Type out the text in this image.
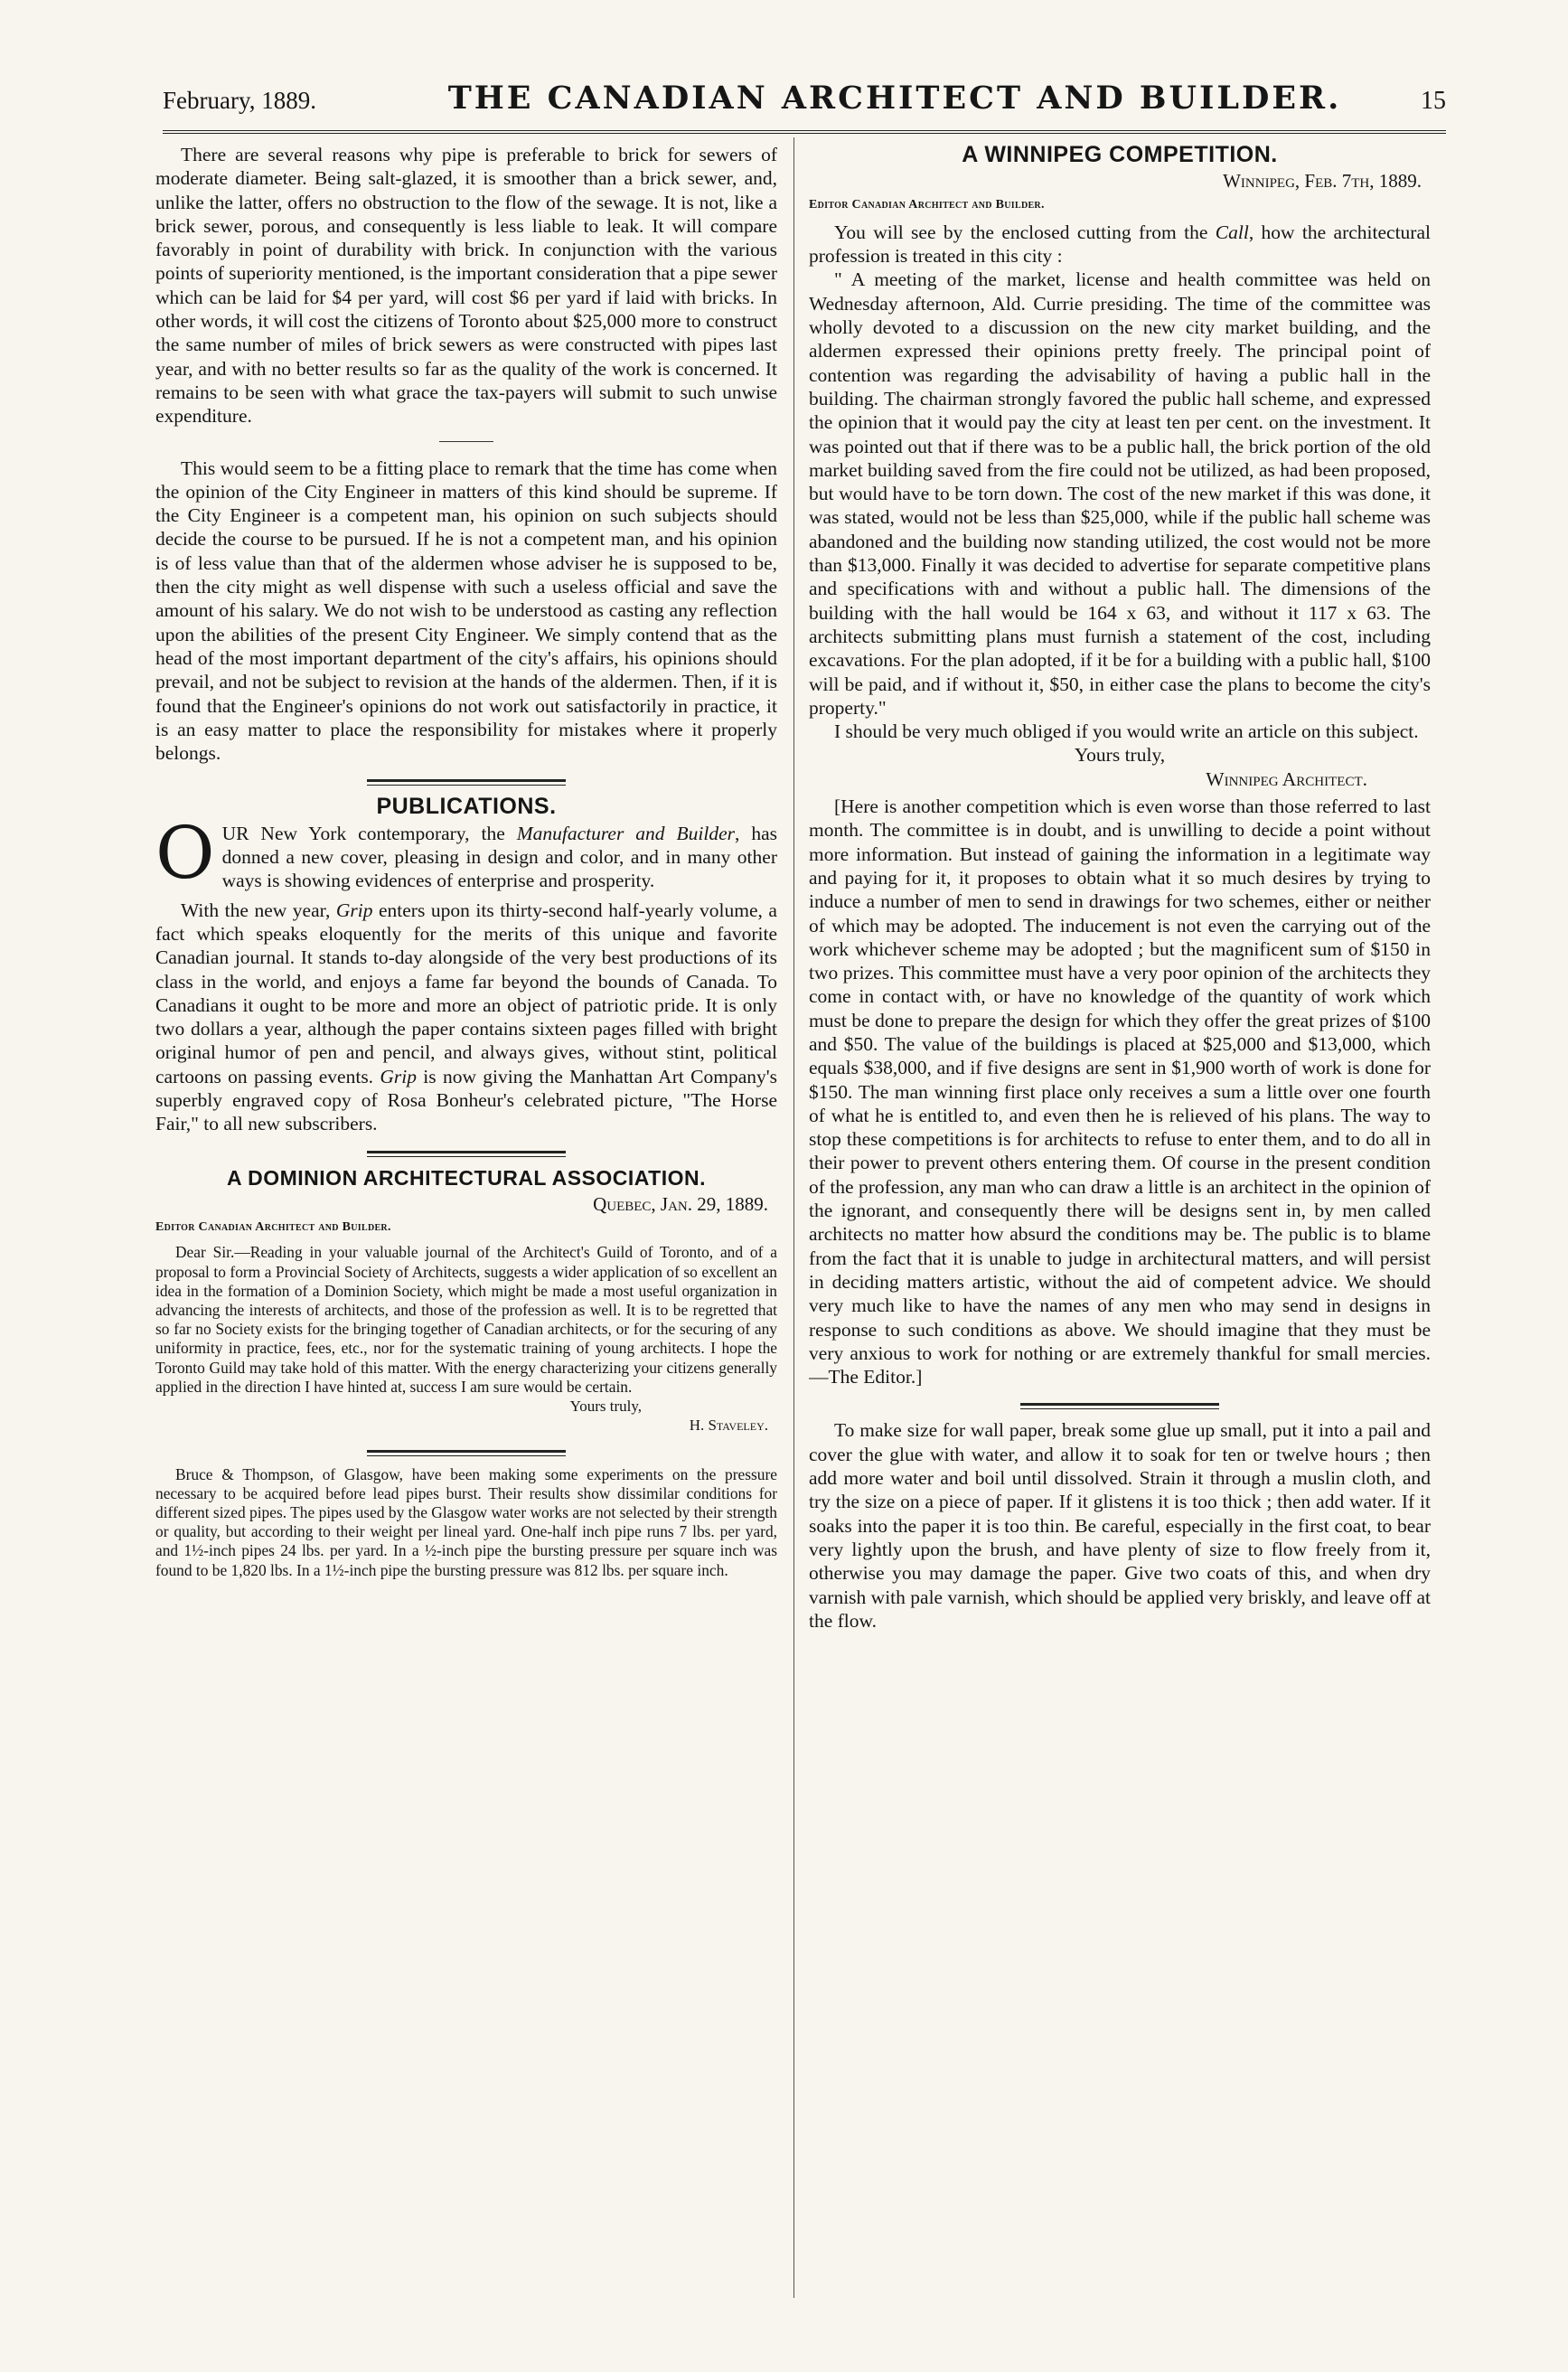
February, 1889.	THE CANADIAN ARCHITECT AND BUILDER.	15

There are several reasons why pipe is preferable to brick for sewers of moderate diameter. Being salt-glazed, it is smoother than a brick sewer, and, unlike the latter, offers no obstruction to the flow of the sewage. It is not, like a brick sewer, porous, and consequently is less liable to leak. It will compare favorably in point of durability with brick. In conjunction with the various points of superiority mentioned, is the important consideration that a pipe sewer which can be laid for $4 per yard, will cost $6 per yard if laid with bricks. In other words, it will cost the citizens of Toronto about $25,000 more to construct the same number of miles of brick sewers as were constructed with pipes last year, and with no better results so far as the quality of the work is concerned. It remains to be seen with what grace the tax-payers will submit to such unwise expenditure.

This would seem to be a fitting place to remark that the time has come when the opinion of the City Engineer in matters of this kind should be supreme. If the City Engineer is a competent man, his opinion on such subjects should decide the course to be pursued. If he is not a competent man, and his opinion is of less value than that of the aldermen whose adviser he is supposed to be, then the city might as well dispense with such a useless official and save the amount of his salary. We do not wish to be understood as casting any reflection upon the abilities of the present City Engineer. We simply contend that as the head of the most important department of the city's affairs, his opinions should prevail, and not be subject to revision at the hands of the aldermen. Then, if it is found that the Engineer's opinions do not work out satisfactorily in practice, it is an easy matter to place the responsibility for mistakes where it properly belongs.

PUBLICATIONS.

OUR New York contemporary, the Manufacturer and Builder, has donned a new cover, pleasing in design and color, and in many other ways is showing evidences of enterprise and prosperity.

With the new year, Grip enters upon its thirty-second half-yearly volume, a fact which speaks eloquently for the merits of this unique and favorite Canadian journal. It stands to-day alongside of the very best productions of its class in the world, and enjoys a fame far beyond the bounds of Canada. To Canadians it ought to be more and more an object of patriotic pride. It is only two dollars a year, although the paper contains sixteen pages filled with bright original humor of pen and pencil, and always gives, without stint, political cartoons on passing events. Grip is now giving the Manhattan Art Company's superbly engraved copy of Rosa Bonheur's celebrated picture, "The Horse Fair," to all new subscribers.

A DOMINION ARCHITECTURAL ASSOCIATION.

Quebec, Jan. 29, 1889.

Editor Canadian Architect and Builder.

Dear Sir.—Reading in your valuable journal of the Architect's Guild of Toronto, and of a proposal to form a Provincial Society of Architects, suggests a wider application of so excellent an idea in the formation of a Dominion Society, which might be made a most useful organization in advancing the interests of architects, and those of the profession as well. It is to be regretted that so far no Society exists for the bringing together of Canadian architects, or for the securing of any uniformity in practice, fees, etc., nor for the systematic training of young architects. I hope the Toronto Guild may take hold of this matter. With the energy characterizing your citizens generally applied in the direction I have hinted at, success I am sure would be certain.

Yours truly,

H. Staveley.

Bruce & Thompson, of Glasgow, have been making some experiments on the pressure necessary to be acquired before lead pipes burst. Their results show dissimilar conditions for different sized pipes. The pipes used by the Glasgow water works are not selected by their strength or quality, but according to their weight per lineal yard. One-half inch pipe runs 7 lbs. per yard, and 1½-inch pipes 24 lbs. per yard. In a ½-inch pipe the bursting pressure per square inch was found to be 1,820 lbs. In a 1½-inch pipe the bursting pressure was 812 lbs. per square inch.

A WINNIPEG COMPETITION.

Winnipeg, Feb. 7th, 1889.

Editor Canadian Architect and Builder.

You will see by the enclosed cutting from the Call, how the architectural profession is treated in this city :

" A meeting of the market, license and health committee was held on Wednesday afternoon, Ald. Currie presiding. The time of the committee was wholly devoted to a discussion on the new city market building, and the aldermen expressed their opinions pretty freely. The principal point of contention was regarding the advisability of having a public hall in the building. The chairman strongly favored the public hall scheme, and expressed the opinion that it would pay the city at least ten per cent. on the investment. It was pointed out that if there was to be a public hall, the brick portion of the old market building saved from the fire could not be utilized, as had been proposed, but would have to be torn down. The cost of the new market if this was done, it was stated, would not be less than $25,000, while if the public hall scheme was abandoned and the building now standing utilized, the cost would not be more than $13,000. Finally it was decided to advertise for separate competitive plans and specifications with and without a public hall. The dimensions of the building with the hall would be 164 x 63, and without it 117 x 63. The architects submitting plans must furnish a statement of the cost, including excavations. For the plan adopted, if it be for a building with a public hall, $100 will be paid, and if without it, $50, in either case the plans to become the city's property."

I should be very much obliged if you would write an article on this subject.

Yours truly,

Winnipeg Architect.

[Here is another competition which is even worse than those referred to last month. The committee is in doubt, and is unwilling to decide a point without more information. But instead of gaining the information in a legitimate way and paying for it, it proposes to obtain what it so much desires by trying to induce a number of men to send in drawings for two schemes, either or neither of which may be adopted. The inducement is not even the carrying out of the work whichever scheme may be adopted ; but the magnificent sum of $150 in two prizes. This committee must have a very poor opinion of the architects they come in contact with, or have no knowledge of the quantity of work which must be done to prepare the design for which they offer the great prizes of $100 and $50. The value of the buildings is placed at $25,000 and $13,000, which equals $38,000, and if five designs are sent in $1,900 worth of work is done for $150. The man winning first place only receives a sum a little over one fourth of what he is entitled to, and even then he is relieved of his plans. The way to stop these competitions is for architects to refuse to enter them, and to do all in their power to prevent others entering them. Of course in the present condition of the profession, any man who can draw a little is an architect in the opinion of the ignorant, and consequently there will be designs sent in, by men called architects no matter how absurd the conditions may be. The public is to blame from the fact that it is unable to judge in architectural matters, and will persist in deciding matters artistic, without the aid of competent advice. We should very much like to have the names of any men who may send in designs in response to such conditions as above. We should imagine that they must be very anxious to work for nothing or are extremely thankful for small mercies.—The Editor.]

To make size for wall paper, break some glue up small, put it into a pail and cover the glue with water, and allow it to soak for ten or twelve hours ; then add more water and boil until dissolved. Strain it through a muslin cloth, and try the size on a piece of paper. If it glistens it is too thick ; then add water. If it soaks into the paper it is too thin. Be careful, especially in the first coat, to bear very lightly upon the brush, and have plenty of size to flow freely from it, otherwise you may damage the paper. Give two coats of this, and when dry varnish with pale varnish, which should be applied very briskly, and leave off at the flow.
